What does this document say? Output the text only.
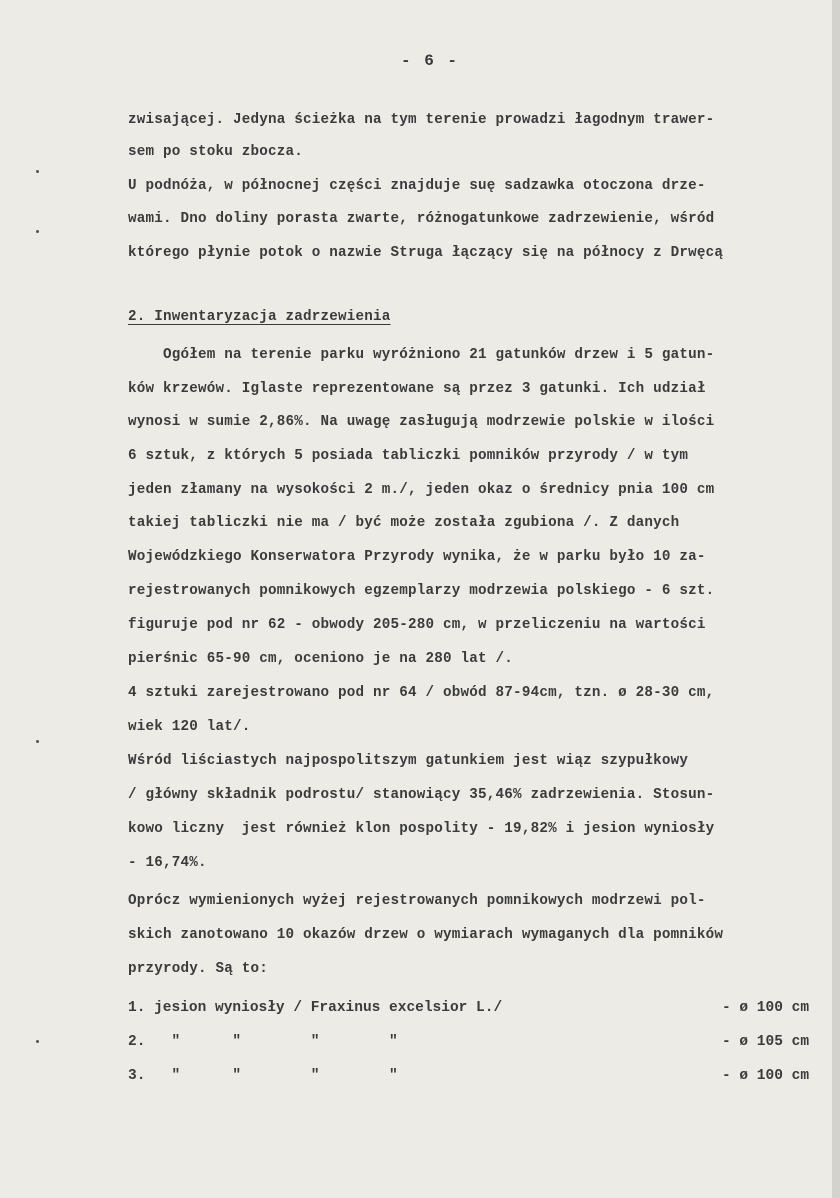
- 6 -
zwisającej. Jedyna ścieżka na tym terenie prowadzi łagodnym trawer-
sem po stoku zbocza.
U podnóża, w północnej części znajduje suę sadzawka otoczona drze-
wami. Dno doliny porasta zwarte, różnogatunkowe zadrzewienie, wśród
którego płynie potok o nazwie Struga łączący się na północy z Drwęcą
2. Inwentaryzacja zadrzewienia
Ogółem na terenie parku wyróżniono 21 gatunków drzew i 5 gatun-
ków krzewów. Iglaste reprezentowane są przez 3 gatunki. Ich udział
wynosi w sumie 2,86%. Na uwagę zasługują modrzewie polskie w ilości
6 sztuk, z których 5 posiada tabliczki pomników przyrody / w tym
jeden złamany na wysokości 2 m./, jeden okaz o średnicy pnia 100 cm
takiej tabliczki nie ma / być może została zgubiona /. Z danych
Wojewódzkiego Konserwatora Przyrody wynika, że w parku było 10 za-
rejestrowanych pomnikowych egzemplarzy modrzewia polskiego - 6 szt.
figuruje pod nr 62 - obwody 205-280 cm, w przeliczeniu na wartości
pierśnic 65-90 cm, oceniono je na 280 lat /.
4 sztuki zarejestrowano pod nr 64 / obwód 87-94cm, tzn. ø 28-30 cm,
wiek 120 lat/.
Wśród liściastych najpospolitszym gatunkiem jest wiąz szypułkowy
/ główny składnik podrostu/ stanowiący 35,46% zadrzewienia. Stosun-
kowo liczny  jest również klon pospolity - 19,82% i jesion wyniosły
- 16,74%.
Oprócz wymienionych wyżej rejestrowanych pomnikowych modrzewi pol-
skich zanotowano 10 okazów drzew o wymiarach wymaganych dla pomników
przyrody. Są to:
1. jesion wyniosły / Fraxinus excelsior L./	- ø 100 cm
2.   "      "        "        "	- ø 105 cm
3.   "      "        "        "	- ø 100 cm
